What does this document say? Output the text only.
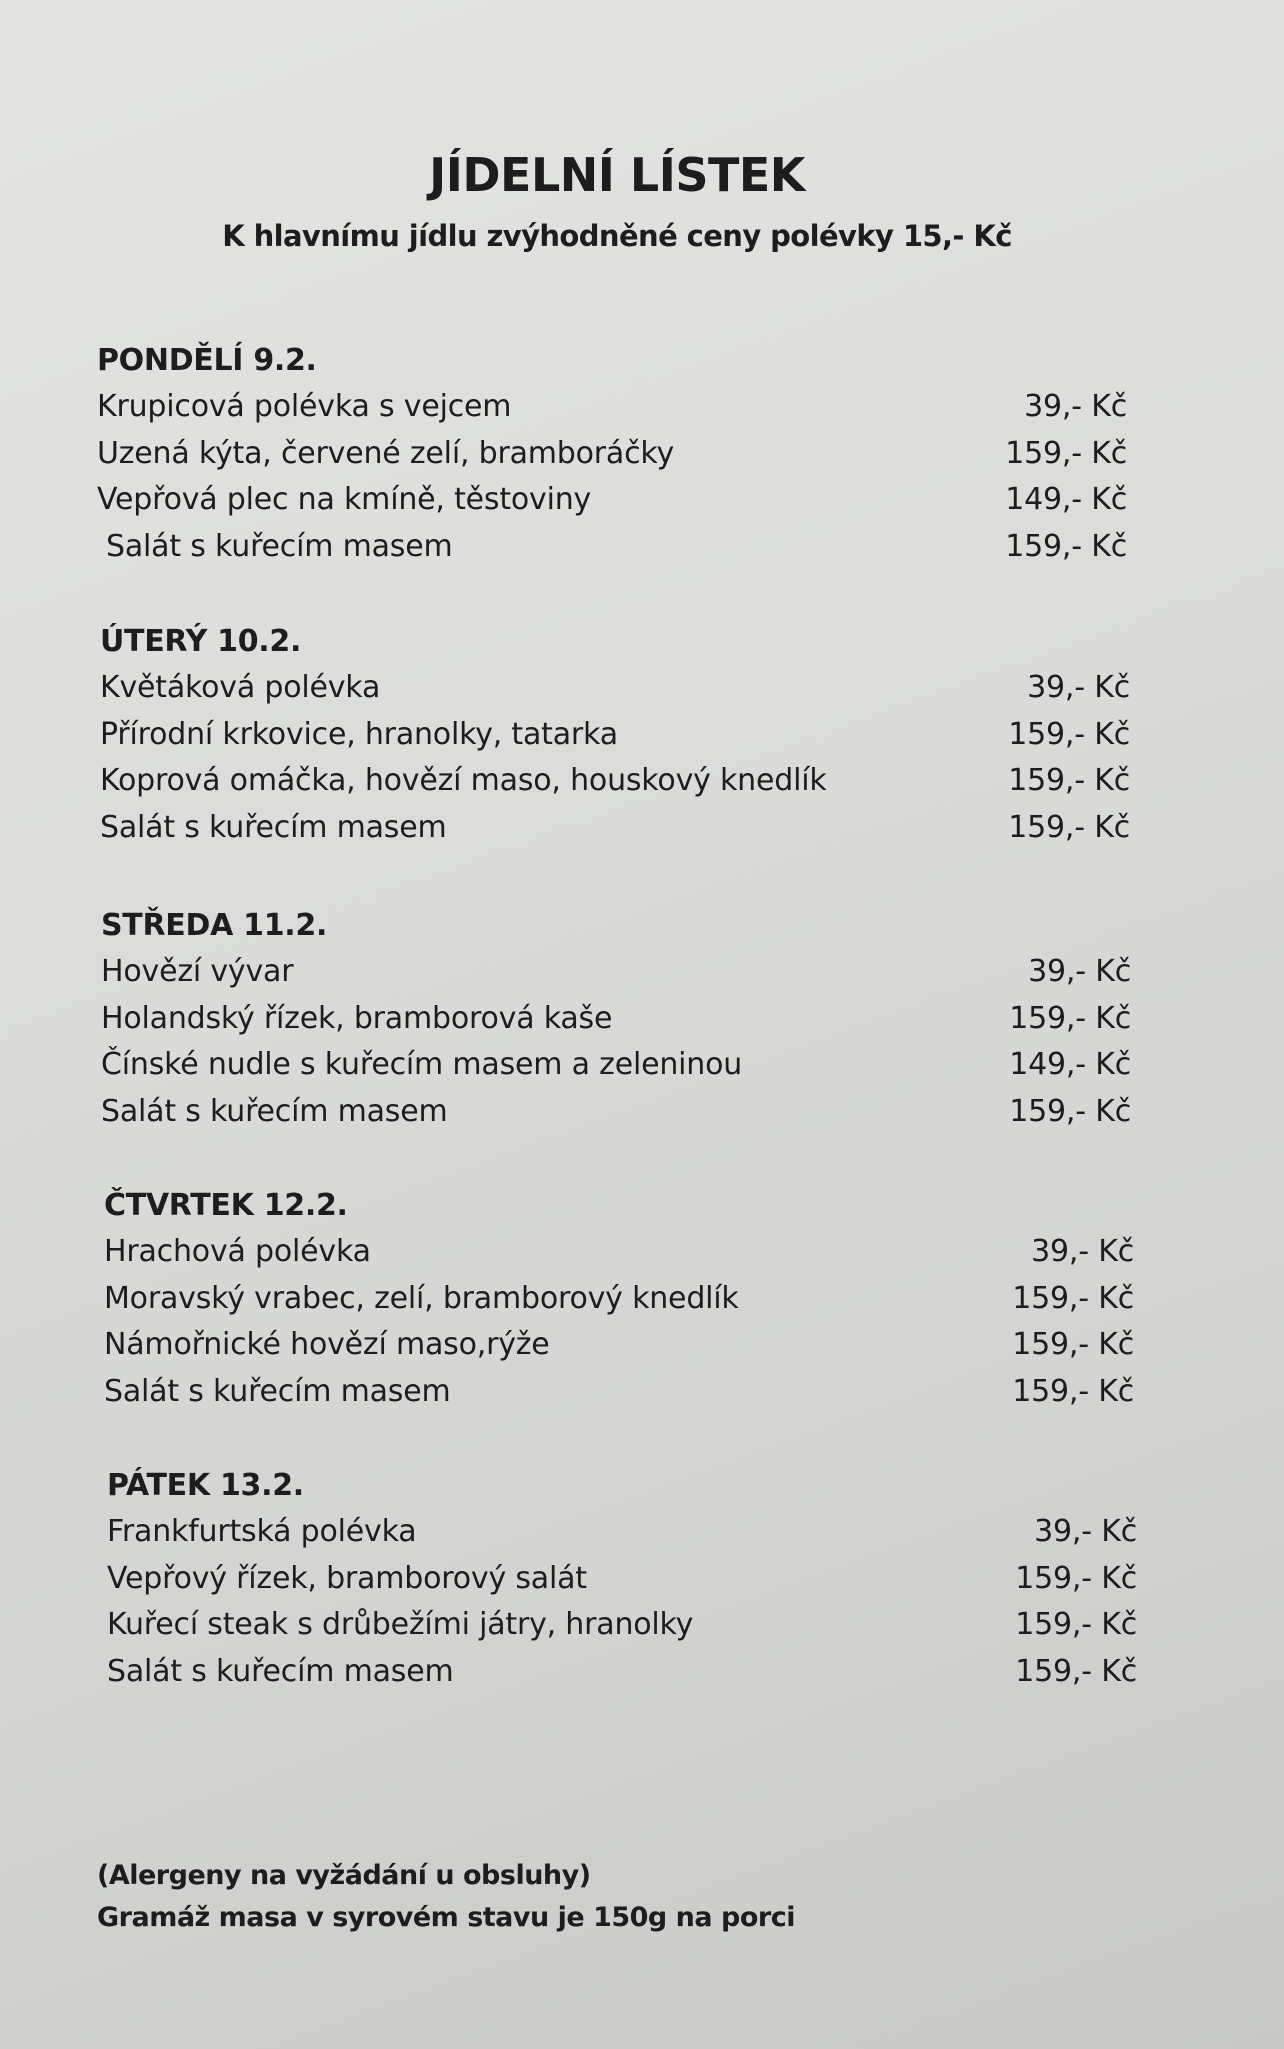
JÍDELNÍ LÍSTEK
K hlavnímu jídlu zvýhodněné ceny polévky 15,- Kč
PONDĚLÍ 9.2.
Krupicová polévka s vejcem	39,- Kč
Uzená kýta, červené zelí, bramboráčky	159,- Kč
Vepřová plec na kmíně, těstoviny	149,- Kč
Salát s kuřecím masem	159,- Kč
ÚTERÝ 10.2.
Květáková polévka	39,- Kč
Přírodní krkovice, hranolky, tatarka	159,- Kč
Koprová omáčka, hovězí maso, houskový knedlík	159,- Kč
Salát s kuřecím masem	159,- Kč
STŘEDA 11.2.
Hovězí vývar	39,- Kč
Holandský řízek, bramborová kaše	159,- Kč
Čínské nudle s kuřecím masem a zeleninou	149,- Kč
Salát s kuřecím masem	159,- Kč
ČTVRTEK 12.2.
Hrachová polévka	39,- Kč
Moravský vrabec, zelí, bramborový knedlík	159,- Kč
Námořnické hovězí maso,rýže	159,- Kč
Salát s kuřecím masem	159,- Kč
PÁTEK 13.2.
Frankfurtská polévka	39,- Kč
Vepřový řízek, bramborový salát	159,- Kč
Kuřecí steak s drůbežími játry, hranolky	159,- Kč
Salát s kuřecím masem	159,- Kč
(Alergeny na vyžádání u obsluhy)
Gramáž masa v syrovém stavu je 150g na porci
